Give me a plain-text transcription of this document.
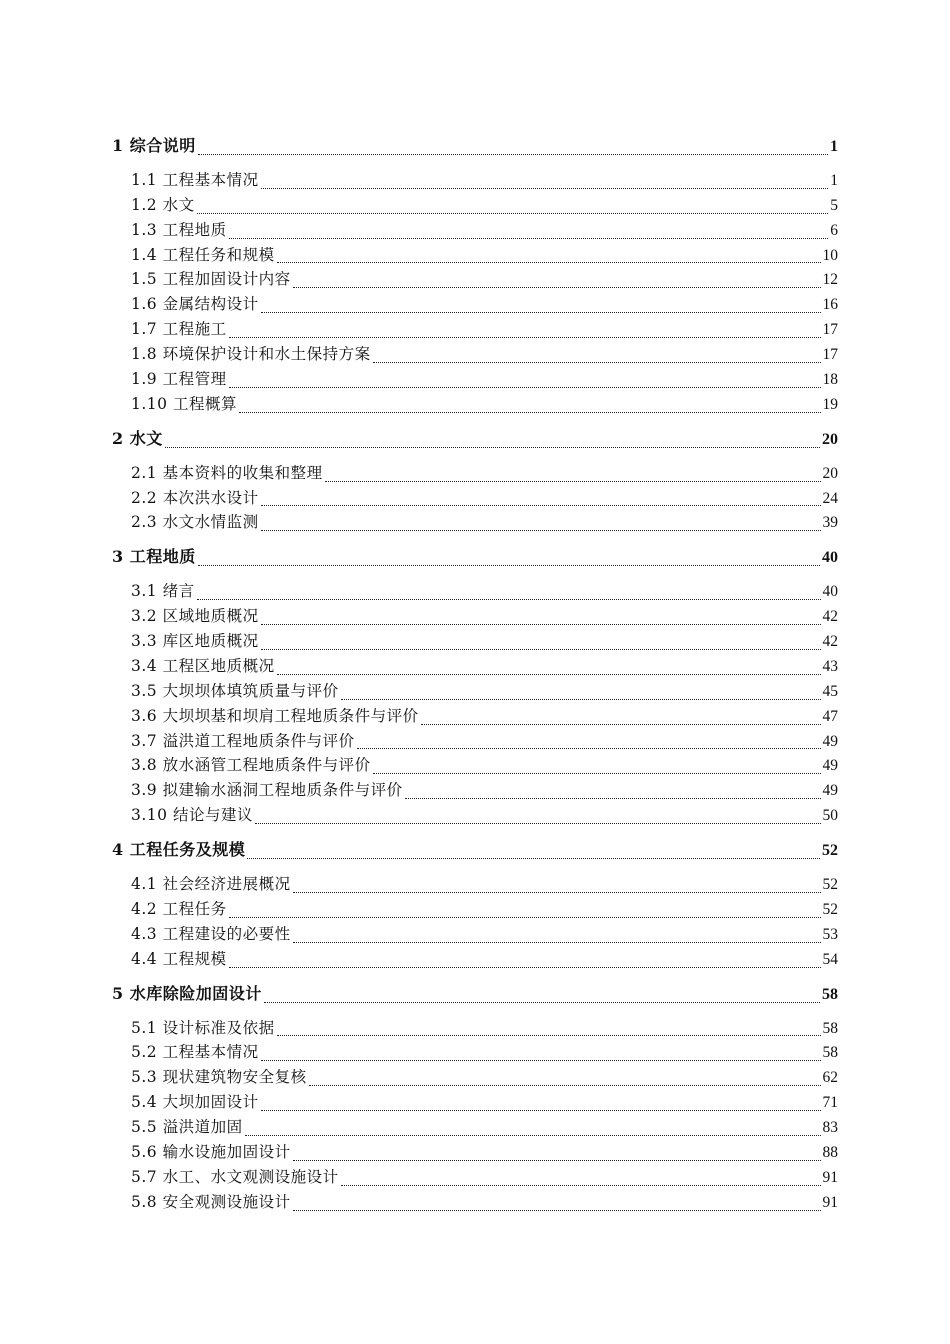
1 综合说明	1
1.1 工程基本情况	1
1.2 水文	5
1.3 工程地质	6
1.4 工程任务和规模	10
1.5 工程加固设计内容	12
1.6 金属结构设计	16
1.7 工程施工	17
1.8 环境保护设计和水土保持方案	17
1.9 工程管理	18
1.10 工程概算	19
2 水文	20
2.1 基本资料的收集和整理	20
2.2 本次洪水设计	24
2.3 水文水情监测	39
3 工程地质	40
3.1 绪言	40
3.2 区域地质概况	42
3.3 库区地质概况	42
3.4 工程区地质概况	43
3.5 大坝坝体填筑质量与评价	45
3.6 大坝坝基和坝肩工程地质条件与评价	47
3.7 溢洪道工程地质条件与评价	49
3.8 放水涵管工程地质条件与评价	49
3.9 拟建输水涵洞工程地质条件与评价	49
3.10 结论与建议	50
4 工程任务及规模	52
4.1 社会经济进展概况	52
4.2 工程任务	52
4.3 工程建设的必要性	53
4.4 工程规模	54
5 水库除险加固设计	58
5.1 设计标准及依据	58
5.2 工程基本情况	58
5.3 现状建筑物安全复核	62
5.4 大坝加固设计	71
5.5 溢洪道加固	83
5.6 输水设施加固设计	88
5.7 水工、水文观测设施设计	91
5.8 安全观测设施设计	91
